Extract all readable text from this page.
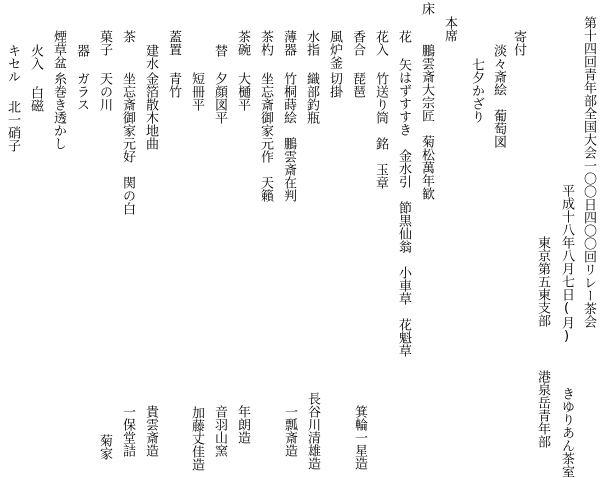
第十四回青年部全国大会一〇〇日四〇〇回リレー茶会
平成十八年八月七日(月) 　 きゆりあん茶室
東京第五東支部 　 港泉岳青年部
寄付
淡々斎絵　葡萄図
七夕かざり
本席
床
鵬雲斎大宗匠　菊松萬年歓
箕輪一星造
花
矢はずすすき　金水引　節黒仙翁　小車草　花魁草
花入
竹送り筒　銘　玉章
一瓢斎造
香合
琵琶
風炉釜
切掛
長谷川清雄造
水指
織部釣瓶
薄器
竹桐蒔絵　鵬雲斎在判
茶杓
坐忘斎御家元作　天籟
茶碗
大樋平
年朗造
替
夕顔図平
音羽山窯
短冊平
加藤丈佳造
蓋置
青竹
建水
金箔散木地曲
貴雲斎造
茶
坐忘斎御家元好　関の白
一保堂詰
菓子
天の川
菊家
器
ガラス
煙草盆
糸巻き透かし
火入
白磁
キセル
北一硝子
